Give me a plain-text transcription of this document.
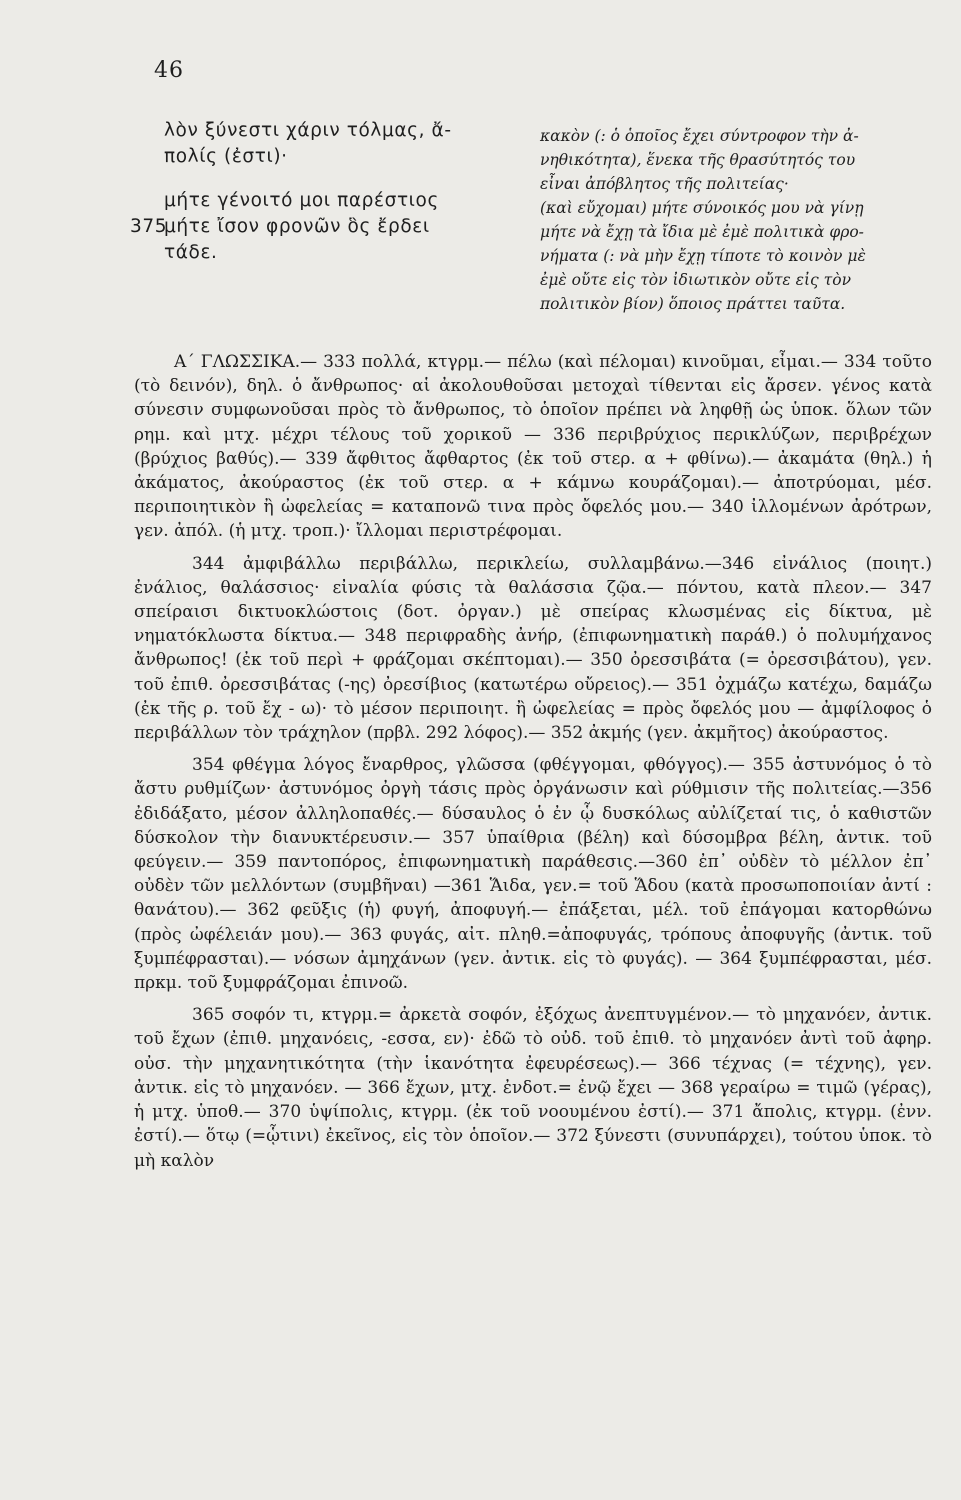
46
λὸν ξύνεστι χάριν τόλμας, ἄ-
πολίς (ἐστι)·
μήτε γένοιτό μοι παρέστιος
375
μήτε ἴσον φρονῶν ὃς ἔρδει
τάδε.
κακὸν (: ὁ ὁποῖος ἔχει σύντροφον τὴν ἀ-
νηθικότητα), ἕνεκα τῆς θρασύτητός του
εἶναι ἀπόβλητος τῆς πολιτείας·
(καὶ εὔχομαι) μήτε σύνοικός μου νὰ γίνῃ
μήτε νὰ ἔχῃ τὰ ἴδια μὲ ἐμὲ πολιτικὰ φρο-
νήματα (: νὰ μὴν ἔχῃ τίποτε τὸ κοινὸν μὲ
ἐμὲ οὔτε εἰς τὸν ἰδιωτικὸν οὔτε εἰς τὸν
πολιτικὸν βίον) ὅποιος πράττει ταῦτα.

Α΄ ΓΛΩΣΣΙΚΑ.— 333 πολλά, κτγρμ.— πέλω (καὶ πέλομαι) κινοῦμαι, εἶμαι.— 334 τοῦτο (τὸ δεινόν), δηλ. ὁ ἄνθρωπος· αἱ ἀκολουθοῦσαι μετοχαὶ τίθενται εἰς ἄρσεν. γένος κατὰ σύνεσιν συμφωνοῦσαι πρὸς τὸ ἄνθρωπος, τὸ ὁποῖον πρέπει νὰ ληφθῇ ὡς ὑποκ. ὅλων τῶν ρημ. καὶ μτχ. μέχρι τέλους τοῦ χορικοῦ — 336 περιβρύχιος περικλύζων, περιβρέχων (βρύχιος βαθύς).— 339 ἄφθιτος ἄφθαρτος (ἐκ τοῦ στερ. α + φθίνω).— ἀκαμάτα (θηλ.) ἡ ἀκάματος, ἀκούραστος (ἐκ τοῦ στερ. α + κάμνω κουράζομαι).— ἀποτρύομαι, μέσ. περιποιητικὸν ἢ ὠφελείας = καταπονῶ τινα πρὸς ὄφελός μου.— 340 ἰλλομένων ἀρότρων, γεν. ἀπόλ. (ἡ μτχ. τροπ.)· ἴλλομαι περιστρέφομαι.

344 ἀμφιβάλλω περιβάλλω, περικλείω, συλλαμβάνω.—346 εἰνάλιος (ποιητ.) ἐνάλιος, θαλάσσιος· εἰναλία φύσις τὰ θαλάσσια ζῷα.— πόντου, κατὰ πλεον.— 347 σπείραισι δικτυοκλώστοις (δοτ. ὀργαν.) μὲ σπείρας κλωσμένας εἰς δίκτυα, μὲ νηματόκλωστα δίκτυα.— 348 περιφραδὴς ἀνήρ, (ἐπιφωνηματικὴ παράθ.) ὁ πολυμήχανος ἄνθρωπος! (ἐκ τοῦ περὶ + φράζομαι σκέπτομαι).— 350 ὀρεσσιβάτα (= ὀρεσσιβάτου), γεν. τοῦ ἐπιθ. ὀρεσσιβάτας (-ης) ὀρεσίβιος (κατωτέρω οὔρειος).— 351 ὀχμάζω κατέχω, δαμάζω (ἐκ τῆς ρ. τοῦ ἔχ - ω)· τὸ μέσον περιποιητ. ἢ ὠφελείας = πρὸς ὄφελός μου — ἀμφίλοφος ὁ περιβάλλων τὸν τράχηλον (πρβλ. 292 λόφος).— 352 ἀκμής (γεν. ἀκμῆτος) ἀκούραστος.

354 φθέγμα λόγος ἔναρθρος, γλῶσσα (φθέγγομαι, φθόγγος).— 355 ἀστυνόμος ὁ τὸ ἄστυ ρυθμίζων· ἀστυνόμος ὀργὴ τάσις πρὸς ὀργάνωσιν καὶ ρύθμισιν τῆς πολιτείας.—356 ἐδιδάξατο, μέσον ἀλληλοπαθές.— δύσαυλος ὁ ἐν ᾧ δυσκόλως αὐλίζεταί τις, ὁ καθιστῶν δύσκολον τὴν διανυκτέρευσιν.— 357 ὑπαίθρια (βέλη) καὶ δύσομβρα βέλη, ἀντικ. τοῦ φεύγειν.— 359 παντοπόρος, ἐπιφωνηματικὴ παράθεσις.—360 ἐπ᾿ οὐδὲν τὸ μέλλον ἐπ᾿ οὐδὲν τῶν μελλόντων (συμβῆναι) —361 Ἅιδα, γεν.= τοῦ Ἅδου (κατὰ προσωποποιίαν ἀντί : θανάτου).— 362 φεῦξις (ἡ) φυγή, ἀποφυγή.— ἐπάξεται, μέλ. τοῦ ἐπάγομαι κατορθώνω (πρὸς ὠφέλειάν μου).— 363 φυγάς, αἰτ. πληθ.=ἀποφυγάς, τρόπους ἀποφυγῆς (ἀντικ. τοῦ ξυμπέφρασται).— νόσων ἀμηχάνων (γεν. ἀντικ. εἰς τὸ φυγάς). — 364 ξυμπέφρασται, μέσ. πρκμ. τοῦ ξυμφράζομαι ἐπινοῶ.

365 σοφόν τι, κτγρμ.= ἀρκετὰ σοφόν, ἐξόχως ἀνεπτυγμένον.— τὸ μηχανόεν, ἀντικ. τοῦ ἔχων (ἐπιθ. μηχανόεις, -εσσα, εν)· ἐδῶ τὸ οὐδ. τοῦ ἐπιθ. τὸ μηχανόεν ἀντὶ τοῦ ἀφηρ. οὐσ. τὴν μηχανητικότητα (τὴν ἱκανότητα ἐφευρέσεως).— 366 τέχνας (= τέχνης), γεν. ἀντικ. εἰς τὸ μηχανόεν. — 366 ἔχων, μτχ. ἐνδοτ.= ἐνῷ ἔχει — 368 γεραίρω = τιμῶ (γέρας), ἡ μτχ. ὑποθ.— 370 ὑψίπολις, κτγρμ. (ἐκ τοῦ νοουμένου ἐστί).— 371 ἄπολις, κτγρμ. (ἐνν. ἐστί).— ὅτῳ (=ᾧτινι) ἐκεῖνος, εἰς τὸν ὁποῖον.— 372 ξύνεστι (συνυπάρχει), τούτου ὑποκ. τὸ μὴ καλὸν
